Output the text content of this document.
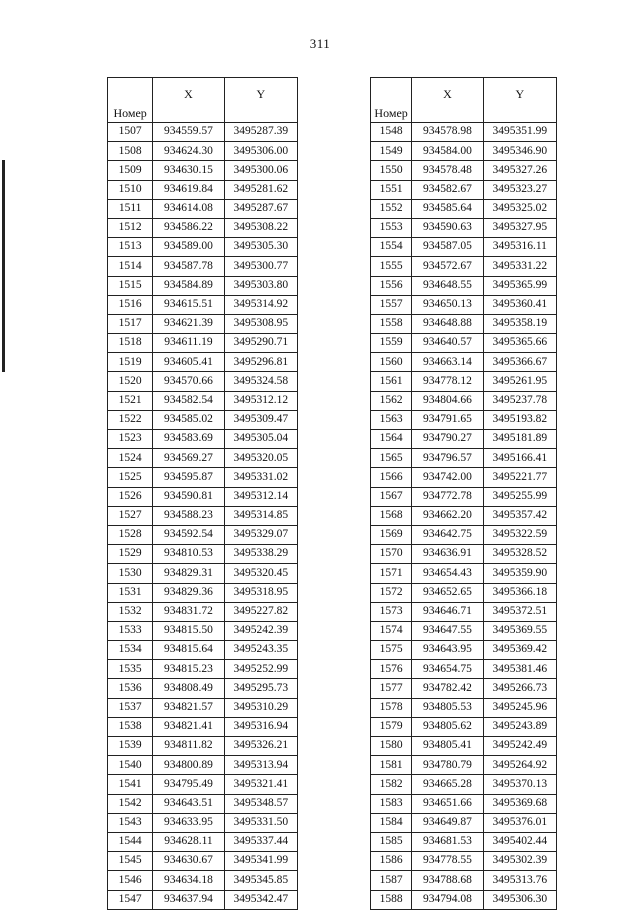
311
Номер	X	Y
1507	934559.57	3495287.39
1508	934624.30	3495306.00
1509	934630.15	3495300.06
1510	934619.84	3495281.62
1511	934614.08	3495287.67
1512	934586.22	3495308.22
1513	934589.00	3495305.30
1514	934587.78	3495300.77
1515	934584.89	3495303.80
1516	934615.51	3495314.92
1517	934621.39	3495308.95
1518	934611.19	3495290.71
1519	934605.41	3495296.81
1520	934570.66	3495324.58
1521	934582.54	3495312.12
1522	934585.02	3495309.47
1523	934583.69	3495305.04
1524	934569.27	3495320.05
1525	934595.87	3495331.02
1526	934590.81	3495312.14
1527	934588.23	3495314.85
1528	934592.54	3495329.07
1529	934810.53	3495338.29
1530	934829.31	3495320.45
1531	934829.36	3495318.95
1532	934831.72	3495227.82
1533	934815.50	3495242.39
1534	934815.64	3495243.35
1535	934815.23	3495252.99
1536	934808.49	3495295.73
1537	934821.57	3495310.29
1538	934821.41	3495316.94
1539	934811.82	3495326.21
1540	934800.89	3495313.94
1541	934795.49	3495321.41
1542	934643.51	3495348.57
1543	934633.95	3495331.50
1544	934628.11	3495337.44
1545	934630.67	3495341.99
1546	934634.18	3495345.85
1547	934637.94	3495342.47
Номер	X	Y
1548	934578.98	3495351.99
1549	934584.00	3495346.90
1550	934578.48	3495327.26
1551	934582.67	3495323.27
1552	934585.64	3495325.02
1553	934590.63	3495327.95
1554	934587.05	3495316.11
1555	934572.67	3495331.22
1556	934648.55	3495365.99
1557	934650.13	3495360.41
1558	934648.88	3495358.19
1559	934640.57	3495365.66
1560	934663.14	3495366.67
1561	934778.12	3495261.95
1562	934804.66	3495237.78
1563	934791.65	3495193.82
1564	934790.27	3495181.89
1565	934796.57	3495166.41
1566	934742.00	3495221.77
1567	934772.78	3495255.99
1568	934662.20	3495357.42
1569	934642.75	3495322.59
1570	934636.91	3495328.52
1571	934654.43	3495359.90
1572	934652.65	3495366.18
1573	934646.71	3495372.51
1574	934647.55	3495369.55
1575	934643.95	3495369.42
1576	934654.75	3495381.46
1577	934782.42	3495266.73
1578	934805.53	3495245.96
1579	934805.62	3495243.89
1580	934805.41	3495242.49
1581	934780.79	3495264.92
1582	934665.28	3495370.13
1583	934651.66	3495369.68
1584	934649.87	3495376.01
1585	934681.53	3495402.44
1586	934778.55	3495302.39
1587	934788.68	3495313.76
1588	934794.08	3495306.30
